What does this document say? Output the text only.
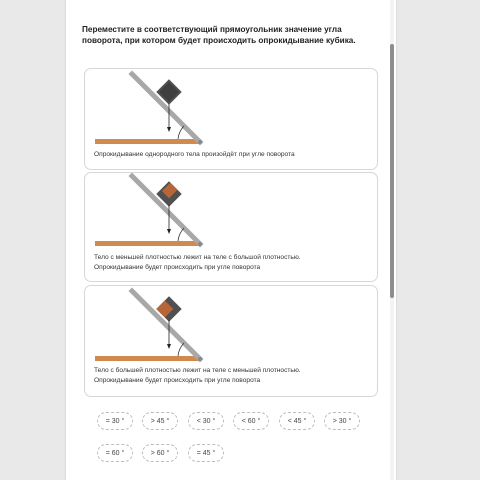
Переместите в соответствующий прямоугольник значение угла поворота, при котором будет происходить опрокидывание кубика.

Опрокидывание однородного тела произойдёт при угле поворота
Тело с меньшей плотностью лежит на теле с большой плотностью.
Опрокидывание будет происходить при угле поворота
Тело с большей плотностью лежит на теле с меньшей плотностью.
Опрокидывание будет происходить при угле поворота
= 30 °	> 45 °	< 30 °	< 60 °	< 45 °	> 30 °
= 60 °	> 60 °	= 45 °
